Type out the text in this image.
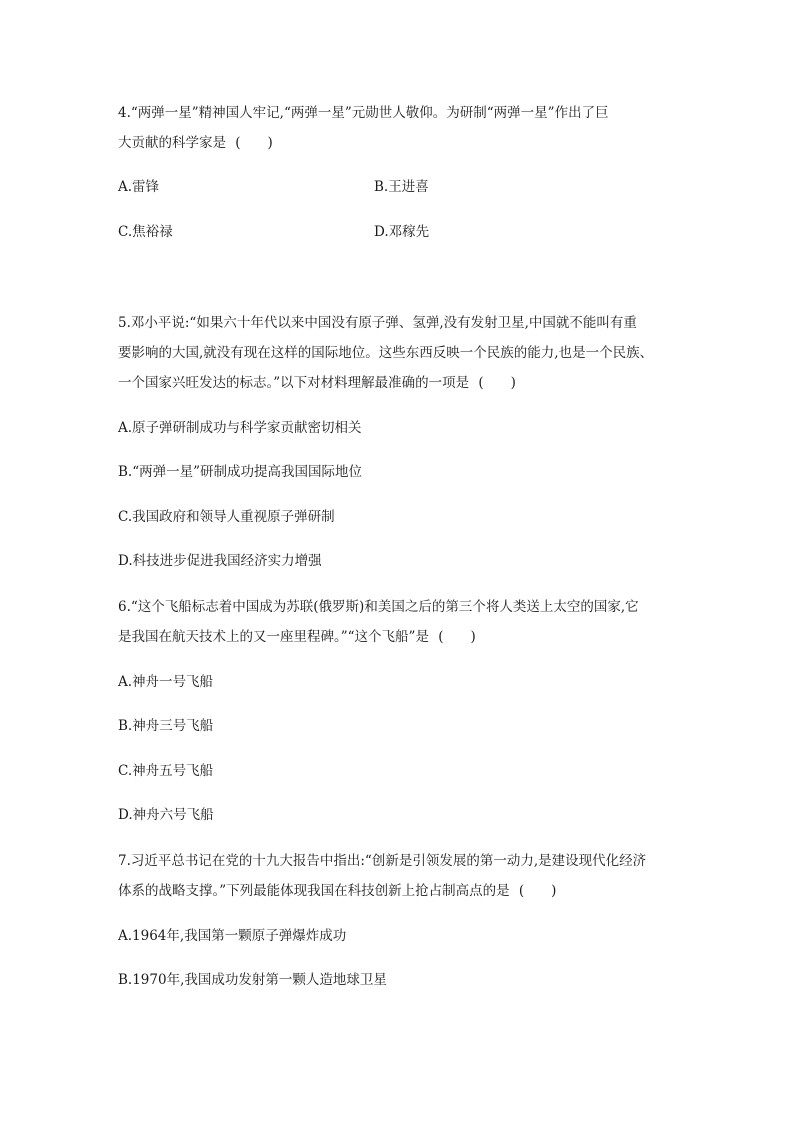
4.“两弹一星”精神国人牢记,“两弹一星”元勋世人敬仰。为研制“两弹一星”作出了巨
大贡献的科学家是 (　　)
A.雷锋	B.王进喜
C.焦裕禄	D.邓稼先
5.邓小平说:“如果六十年代以来中国没有原子弹、氢弹,没有发射卫星,中国就不能叫有重
要影响的大国,就没有现在这样的国际地位。这些东西反映一个民族的能力,也是一个民族、
一个国家兴旺发达的标志。”以下对材料理解最准确的一项是 (　　)
A.原子弹研制成功与科学家贡献密切相关
B.“两弹一星”研制成功提高我国国际地位
C.我国政府和领导人重视原子弹研制
D.科技进步促进我国经济实力增强
6.“这个飞船标志着中国成为苏联(俄罗斯)和美国之后的第三个将人类送上太空的国家,它
是我国在航天技术上的又一座里程碑。”“这个飞船”是 (　　)
A.神舟一号飞船
B.神舟三号飞船
C.神舟五号飞船
D.神舟六号飞船
7.习近平总书记在党的十九大报告中指出:“创新是引领发展的第一动力,是建设现代化经济
体系的战略支撑。”下列最能体现我国在科技创新上抢占制高点的是 (　　)
A.1964年,我国第一颗原子弹爆炸成功
B.1970年,我国成功发射第一颗人造地球卫星
